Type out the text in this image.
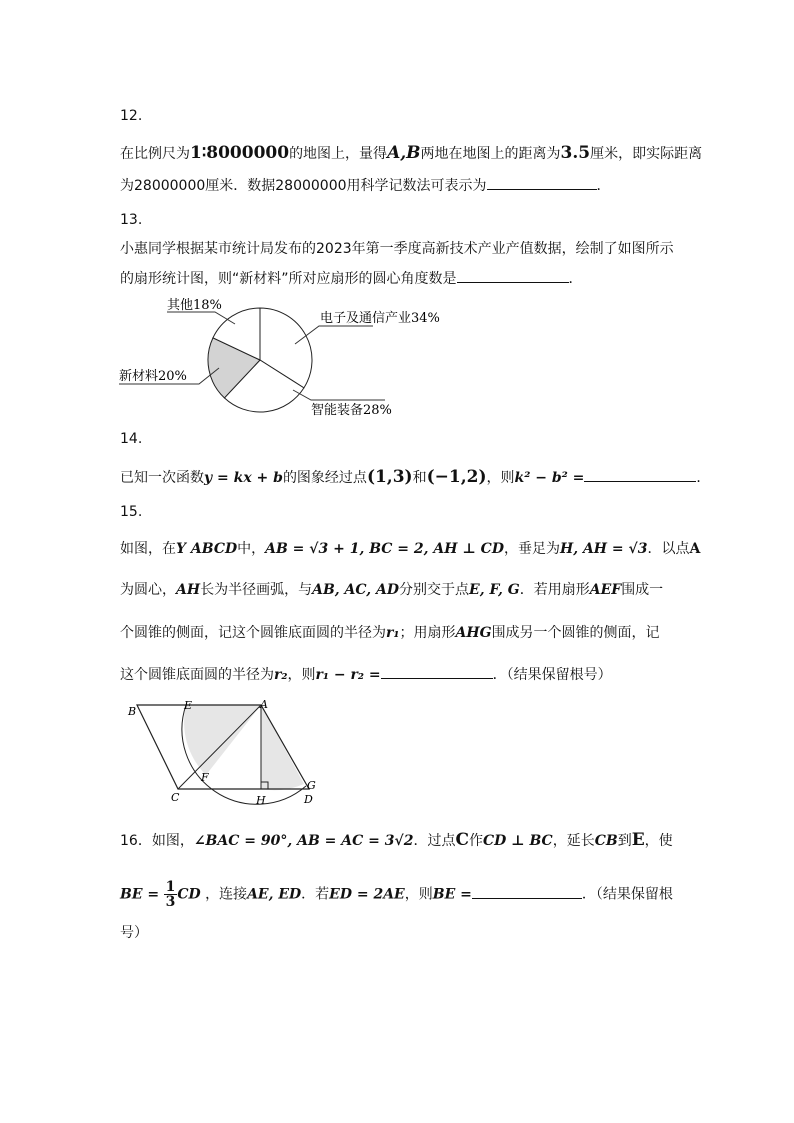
12.
在比例尺为1∶8000000的地图上，量得A,B两地在地图上的距离为3.5厘米，即实际距离
为28000000厘米．数据28000000用科学记数法可表示为	．
13.
小惠同学根据某市统计局发布的2023年第一季度高新技术产业产值数据，绘制了如图所示
的扇形统计图，则“新材料”所对应扇形的圆心角度数是	．
其他18%
电子及通信产业34%
新材料20%
智能装备28%
14.
已知一次函数y = kx + b的图象经过点(1,3)和(−1,2)，则k² − b² =	．
15.
如图，在Y ABCD中，AB = √3 + 1, BC = 2, AH ⊥ CD，垂足为H, AH = √3．以点A
为圆心，AH长为半径画弧，与AB, AC, AD分别交于点E, F, G．若用扇形AEF围成一
个圆锥的侧面，记这个圆锥底面圆的半径为r₁；用扇形AHG围成另一个圆锥的侧面，记
这个圆锥底面圆的半径为r₂，则r₁ − r₂ =	．（结果保留根号）
B	E	A
F
G
C	H	D
16．如图，∠BAC = 90°, AB = AC = 3√2．过点C作CD ⊥ BC，延长CB到E，使
BE = $\frac{1}{3}$ CD ，连接AE, ED．若ED = 2AE，则BE =	．（结果保留根
号）
